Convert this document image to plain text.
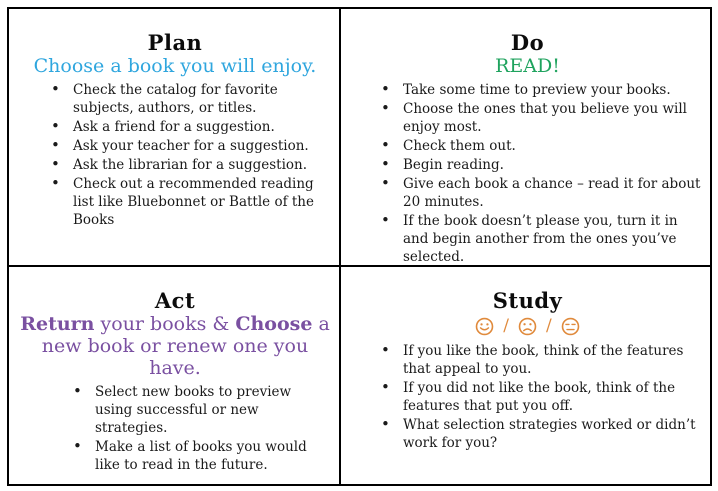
Plan

Choose a book you will enjoy.

• Check the catalog for favorite subjects, authors, or titles.
• Ask a friend for a suggestion.
• Ask your teacher for a suggestion.
• Ask the librarian for a suggestion.
• Check out a recommended reading list like Bluebonnet or Battle of the Books
Do

READ!

• Take some time to preview your books.
• Choose the ones that you believe you will enjoy most.
• Check them out.
• Begin reading.
• Give each book a chance – read it for about 20 minutes.
• If the book doesn’t please you, turn it in and begin another from the ones you’ve selected.
Act

Return your books & Choose a new book or renew one you have.

• Select new books to preview using successful or new strategies.
• Make a list of books you would like to read in the future.
Study
/ /
• If you like the book, think of the features that appeal to you.
• If you did not like the book, think of the features that put you off.
• What selection strategies worked or didn’t work for you?
